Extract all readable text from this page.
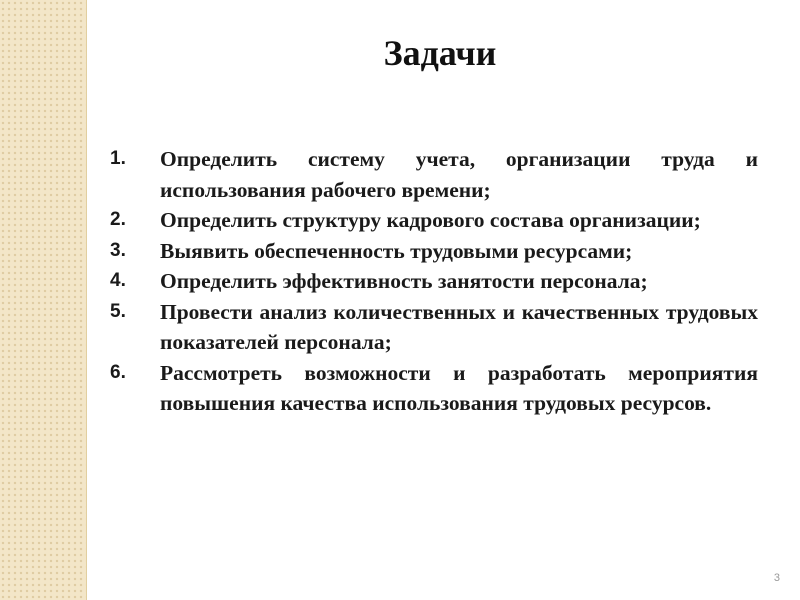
Задачи
1.	Определить систему учета, организации труда и использования рабочего времени;
2.	Определить структуру кадрового состава организации;
3.	Выявить обеспеченность трудовыми ресурсами;
4.	Определить эффективность занятости персонала;
5.	Провести анализ количественных и качественных трудовых показателей персонала;
6.	Рассмотреть возможности и разработать мероприятия повышения качества использования трудовых ресурсов.
3
